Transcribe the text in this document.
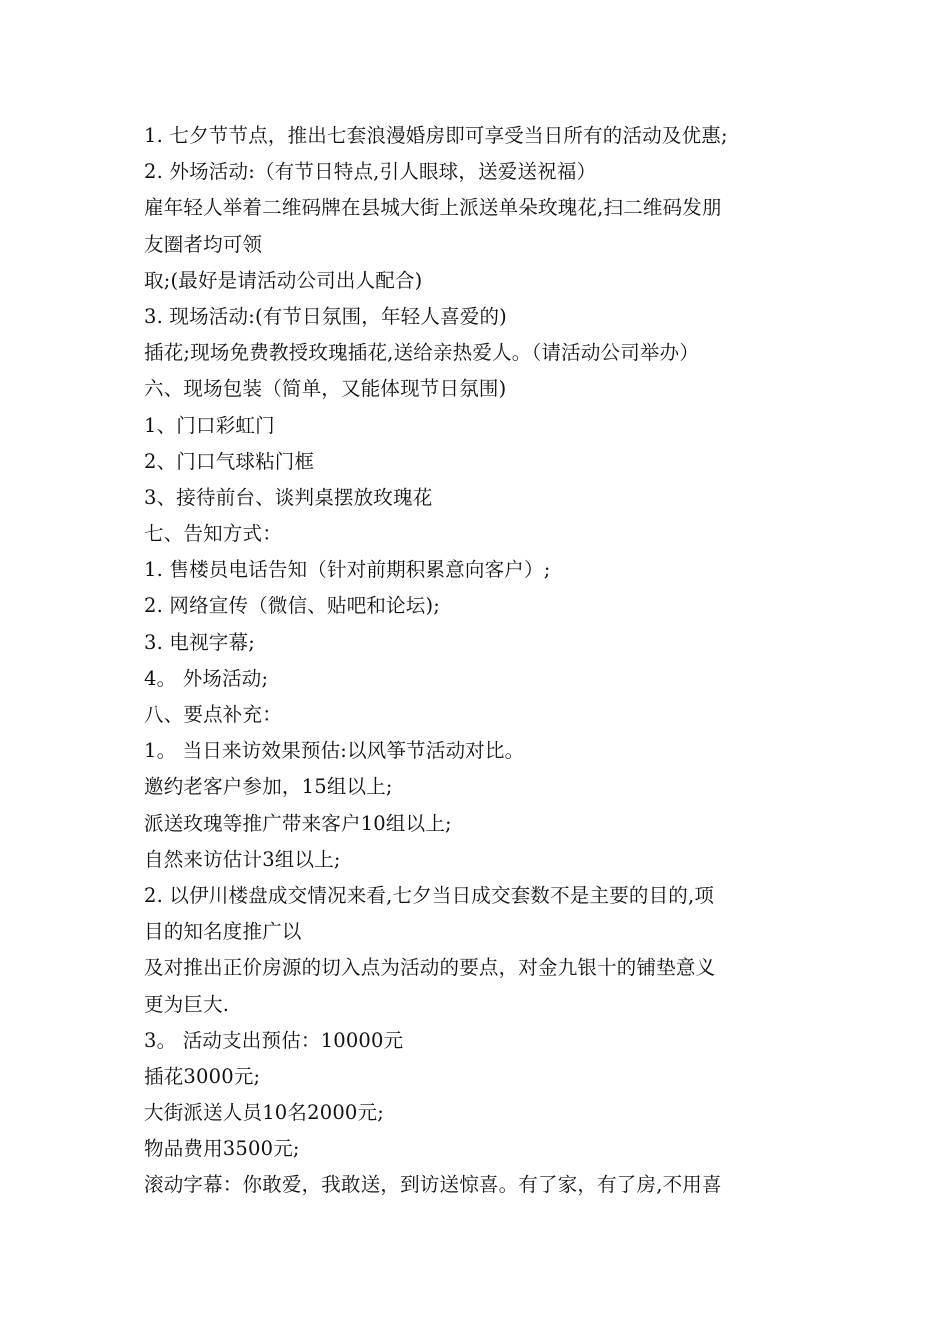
1. 七夕节节点，推出七套浪漫婚房即可享受当日所有的活动及优惠;
2. 外场活动:（有节日特点,引人眼球，送爱送祝福）
雇年轻人举着二维码牌在县城大街上派送单朵玫瑰花,扫二维码发朋
友圈者均可领
取;(最好是请活动公司出人配合)
3. 现场活动:(有节日氛围，年轻人喜爱的)
插花;现场免费教授玫瑰插花,送给亲热爱人。（请活动公司举办）
六、现场包装（简单，又能体现节日氛围)
1、门口彩虹门
2、门口气球粘门框
3、接待前台、谈判桌摆放玫瑰花
七、告知方式：
1. 售楼员电话告知（针对前期积累意向客户）;
2. 网络宣传（微信、贴吧和论坛);
3. 电视字幕;
4。 外场活动;
八、要点补充：
1。 当日来访效果预估:以风筝节活动对比。
邀约老客户参加，15组以上;
派送玫瑰等推广带来客户10组以上;
自然来访估计3组以上;
2. 以伊川楼盘成交情况来看,七夕当日成交套数不是主要的目的,项
目的知名度推广以
及对推出正价房源的切入点为活动的要点，对金九银十的铺垫意义
更为巨大.
3。 活动支出预估：10000元
插花3000元;
大街派送人员10名2000元;
物品费用3500元;
滚动字幕：你敢爱，我敢送，到访送惊喜。有了家，有了房,不用喜
